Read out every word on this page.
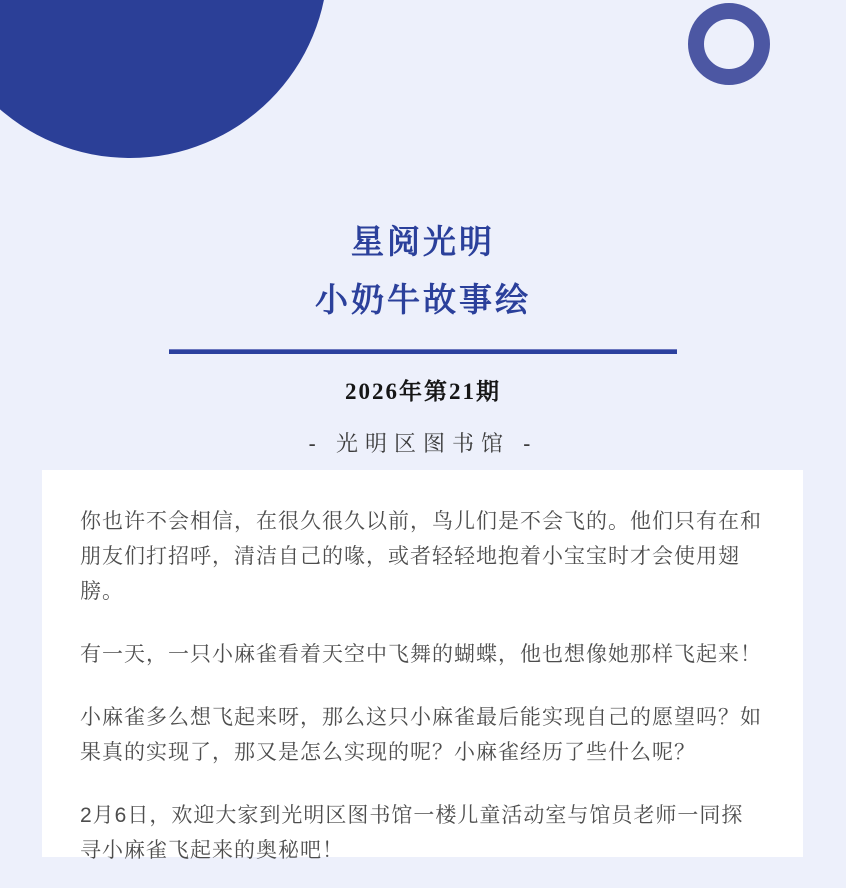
星阅光明
小奶牛故事绘
2026年第21期
- 光明区图书馆 -

你也许不会相信，在很久很久以前，鸟儿们是不会飞的。他们只有在和朋友们打招呼，清洁自己的喙，或者轻轻地抱着小宝宝时才会使用翅膀。

有一天，一只小麻雀看着天空中飞舞的蝴蝶，他也想像她那样飞起来！

小麻雀多么想飞起来呀，那么这只小麻雀最后能实现自己的愿望吗？如果真的实现了，那又是怎么实现的呢？小麻雀经历了些什么呢？

2月6日，欢迎大家到光明区图书馆一楼儿童活动室与馆员老师一同探寻小麻雀飞起来的奥秘吧！
